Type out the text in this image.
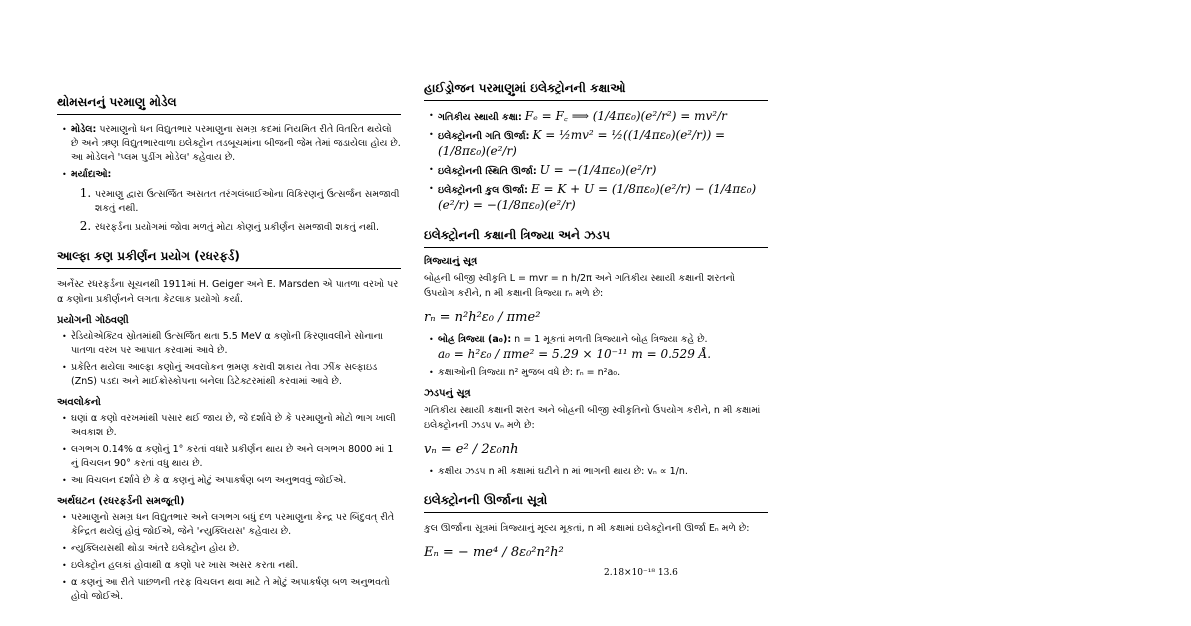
થોમસનનું પરમાણુ મોડેલ
• મોડેલ: પરમાણુનો ધન વિદ્યુતભાર પરમાણુના સમગ્ર કદમાં નિયમિત રીતે વિતરિત થયેલો છે અને ઋણ વિદ્યુતભારવાળા ઇલેક્ટ્રોન તડબૂચમાંના બીજની જેમ તેમાં જડાયેલા હોય છે. આ મોડેલને 'પ્લમ પુડીંગ મોડેલ' કહેવાય છે.
• મર્યાદાઓ:
1. પરમાણુ દ્વારા ઉત્સર્જિત અસતત તરંગલંબાઈઓના વિકિરણનું ઉત્સર્જન સમજાવી શકતું નથી.
2. રધરફર્ડના પ્રયોગમાં જોવા મળતું મોટા કોણનું પ્રકીર્ણન સમજાવી શકતું નથી.
આલ્ફા કણ પ્રકીર્ણન પ્રયોગ (રધરફર્ડ)

અર્નેસ્ટ રધરફર્ડના સૂચનથી 1911માં H. Geiger અને E. Marsden એ પાતળા વરખો પર α કણોના પ્રકીર્ણનને લગતા કેટલાક પ્રયોગો કર્યા.

પ્રયોગની ગોઠવણી
• રેડિયોએક્ટિવ સ્રોતમાંથી ઉત્સર્જિત થતા 5.5 MeV α કણોની કિરણાવલીને સોનાના પાતળા વરખ પર આપાત કરવામાં આવે છે.
• પ્રકેરિત થયેલા આલ્ફા કણોનું અવલોકન ભ્રમણ કરાવી શકાય તેવા ઝીંક સલ્ફાઇડ (ZnS) પડદા અને માઈક્રોસ્કોપના બનેલા ડિટેક્ટરમાંથી કરવામાં આવે છે.
અવલોકનો
• ઘણાં α કણો વરખમાંથી પસાર થઈ જાય છે, જે દર્શાવે છે કે પરમાણુનો મોટો ભાગ ખાલી અવકાશ છે.
• લગભગ 0.14% α કણોનું 1° કરતાં વધારે પ્રકીર્ણન થાય છે અને લગભગ 8000 માં 1 નું વિચલન 90° કરતાં વધુ થાય છે.
• આ વિચલન દર્શાવે છે કે α કણનું મોટું અપાકર્ષણ બળ અનુભવવું જોઈએ.
અર્થઘટન (રધરફર્ડની સમજૂતી)
• પરમાણુનો સમગ્ર ધન વિદ્યુતભાર અને લગભગ બધું દળ પરમાણુના કેન્દ્ર પર બિંદુવત્ રીતે કેન્દ્રિત થયેલું હોવું જોઈએ, જેને 'ન્યુક્લિયસ' કહેવાય છે.
• ન્યુક્લિયસથી થોડા અંતરે ઇલેક્ટ્રોન હોય છે.
• ઇલેક્ટ્રોન હલકાં હોવાથી α કણો પર ખાસ અસર કરતા નથી.
• α કણનું આ રીતે પાછળની તરફ વિચલન થવા માટે તે મોટું અપાકર્ષણ બળ અનુભવતો હોવો જોઈએ.
હાઈડ્રોજન પરમાણુમાં ઇલેક્ટ્રોનની કક્ષાઓ
• ગતિકીય સ્થાયી કક્ષા: Fₑ = F꜀ ⟹ (1/4πε₀)(e²/r²) = mv²/r
• ઇલેક્ટ્રોનની ગતિ ઊર્જા: K = ½mv² = ½((1/4πε₀)(e²/r)) = (1/8πε₀)(e²/r)
• ઇલેક્ટ્રોનની સ્થિતિ ઊર્જા: U = −(1/4πε₀)(e²/r)
• ઇલેક્ટ્રોનની કુલ ઊર્જા: E = K + U = (1/8πε₀)(e²/r) − (1/4πε₀)(e²/r) = −(1/8πε₀)(e²/r)
ઇલેક્ટ્રોનની કક્ષાની ત્રિજ્યા અને ઝડપ
ત્રિજ્યાનું સૂત્ર

બોહ્રની બીજી સ્વીકૃતિ L = mvr = n h/2π અને ગતિકીય સ્થાયી કક્ષાની શરતનો ઉપયોગ કરીને, n મી કક્ષાની ત્રિજ્યા rₙ મળે છે:

rₙ = n²h²ε₀ / πme²
• બોહ્ર ત્રિજ્યા (a₀): n = 1 મૂકતાં મળતી ત્રિજ્યાને બોહ્ર ત્રિજ્યા કહે છે.
a₀ = h²ε₀ / πme² = 5.29 × 10⁻¹¹ m = 0.529 Å.
• કક્ષાઓની ત્રિજ્યા n² મુજબ વધે છે: rₙ = n²a₀.
ઝડપનું સૂત્ર

ગતિકીય સ્થાયી કક્ષાની શરત અને બોહ્રની બીજી સ્વીકૃતિનો ઉપયોગ કરીને, n મી કક્ષામાં ઇલેક્ટ્રોનની ઝડપ vₙ મળે છે:

vₙ = e² / 2ε₀nh
• કક્ષીય ઝડપ n મી કક્ષામાં ઘટીને n માં ભાગની થાય છે: vₙ ∝ 1/n.
ઇલેક્ટ્રોનની ઊર્જાના સૂત્રો

કુલ ઊર્જાના સૂત્રમાં ત્રિજ્યાનું મૂલ્ય મૂકતાં, n મી કક્ષામાં ઇલેક્ટ્રોનની ઊર્જા Eₙ મળે છે:

Eₙ = − me⁴ / 8ε₀²n²h²
2.18×10⁻¹⁸ 13.6
